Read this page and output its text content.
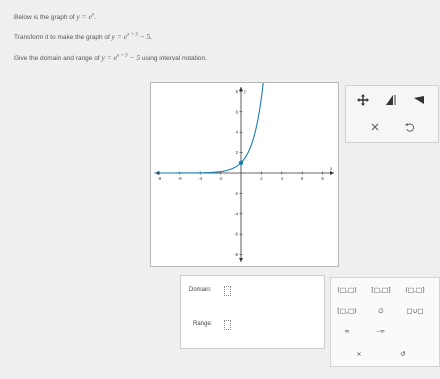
Below is the graph of $y = e^x$.
Transform it to make the graph of $y = e^{x + 3} - 5$.
Give the domain and range of $y = e^{x + 3} - 5$ using interval notation.
x
y
-8	-6	-4	-2	2	4	6	8
8
6
4
2
-2
-4
-6
-8
Domain:
Range:
(□,□)	[□,□]	(□,□]
[□,□)	∅	□∪□
∞	-∞
×	↺
